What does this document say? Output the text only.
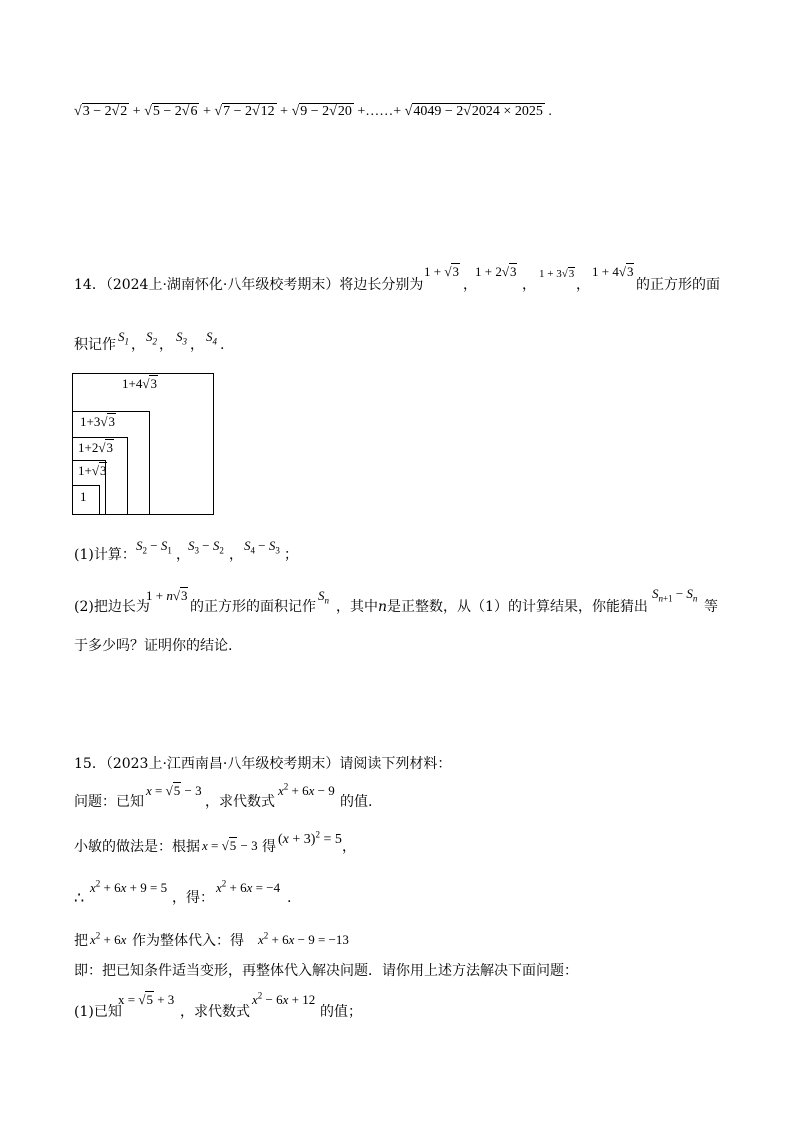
√3 − 2√2 + √5 − 2√6 + √7 − 2√12 + √9 − 2√20 +……+ √4049 − 2√2024 × 2025 .
14．（2024上·湖南怀化·八年级校考期末）将边长分别为
1 + √3
，
1 + 2√3
，
1 + 3√3
，
1 + 4√3
的正方形的面
积记作
$S_1$ ，
$S_2$ ，
$S_3$ ，
$S_4$ .
1+4√3
1+3√3
1+2√3
1+√3
1
(1)计算：
$S_2 - S_1$ ，
$S_3 - S_2$ ，
$S_4 - S_3$ ；
(2)把边长为
1 + n√3
的正方形的面积记作
$S_n$ ，其中n是正整数，从（1）的计算结果，你能猜出
$S_{n+1} - S_n$
等
于多少吗？证明你的结论.
15．（2023上·江西南昌·八年级校考期末）请阅读下列材料：
问题：已知
x = √5 − 3
，求代数式
$x^2 + 6x - 9$
的值.
小敏的做法是：根据 x = √5 − 3 得 $(x + 3)^2 = 5$ ，
∴
$x^2 + 6x + 9 = 5$
，得：
$x^2 + 6x = -4$
.
把 $x^2 + 6x$ 作为整体代入：得 $x^2 + 6x - 9 = -13$
即：把已知条件适当变形，再整体代入解决问题．请你用上述方法解决下面问题：
(1)已知
x = √5 + 3
，求代数式
$x^2 - 6x + 12$
的值；
